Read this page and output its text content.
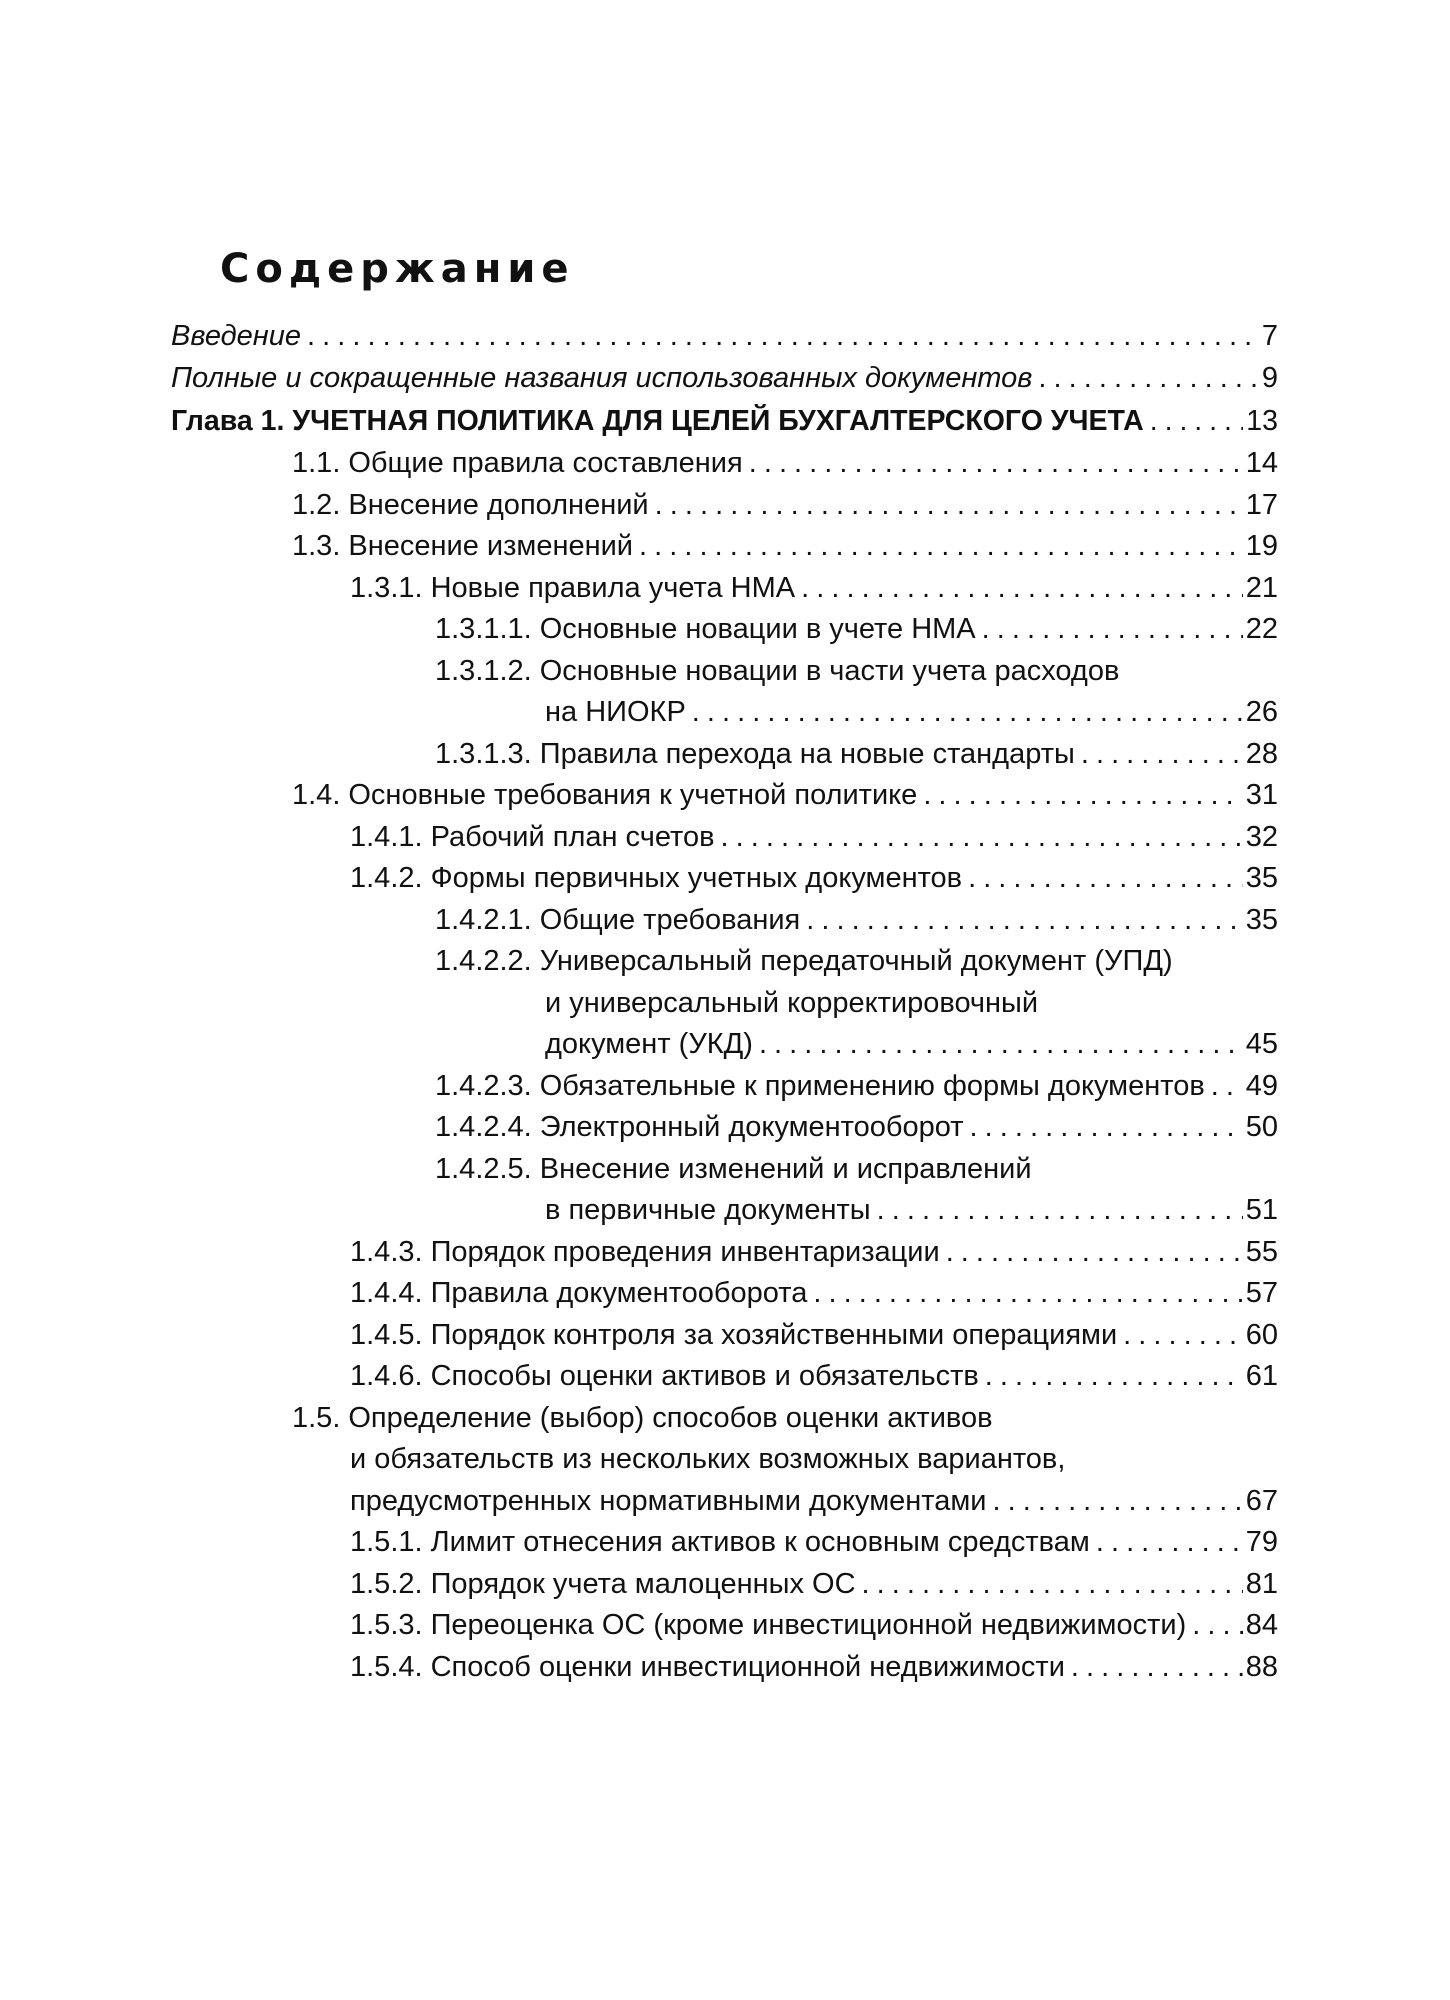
Содержание
Введение . . .	7
Полные и сокращенные названия использованных документов . . .	9
Глава 1. УЧЕТНАЯ ПОЛИТИКА ДЛЯ ЦЕЛЕЙ БУХГАЛТЕРСКОГО УЧЕТА . . .	13
1.1. Общие правила составления . . .	14
1.2. Внесение дополнений . . .	17
1.3. Внесение изменений . . .	19
1.3.1. Новые правила учета НМА . . .	21
1.3.1.1. Основные новации в учете НМА . . .	22
1.3.1.2. Основные новации в части учета расходов
на НИОКР . . .	26
1.3.1.3. Правила перехода на новые стандарты . . .	28
1.4. Основные требования к учетной политике . . .	31
1.4.1. Рабочий план счетов . . .	32
1.4.2. Формы первичных учетных документов . . .	35
1.4.2.1. Общие требования . . .	35
1.4.2.2. Универсальный передаточный документ (УПД)
и универсальный корректировочный
документ (УКД) . . .	45
1.4.2.3. Обязательные к применению формы документов . . . 49
1.4.2.4. Электронный документооборот . . .	50
1.4.2.5. Внесение изменений и исправлений
в первичные документы . . .	51
1.4.3. Порядок проведения инвентаризации . . .	55
1.4.4. Правила документооборота . . .	57
1.4.5. Порядок контроля за хозяйственными операциями . . .	60
1.4.6. Способы оценки активов и обязательств . . .	61
1.5. Определение (выбор) способов оценки активов
и обязательств из нескольких возможных вариантов,
предусмотренных нормативными документами . . .	67
1.5.1. Лимит отнесения активов к основным средствам . . .	79
1.5.2. Порядок учета малоценных ОС . . .	81
1.5.3. Переоценка ОС (кроме инвестиционной недвижимости) . . . 84
1.5.4. Способ оценки инвестиционной недвижимости . . .	88
